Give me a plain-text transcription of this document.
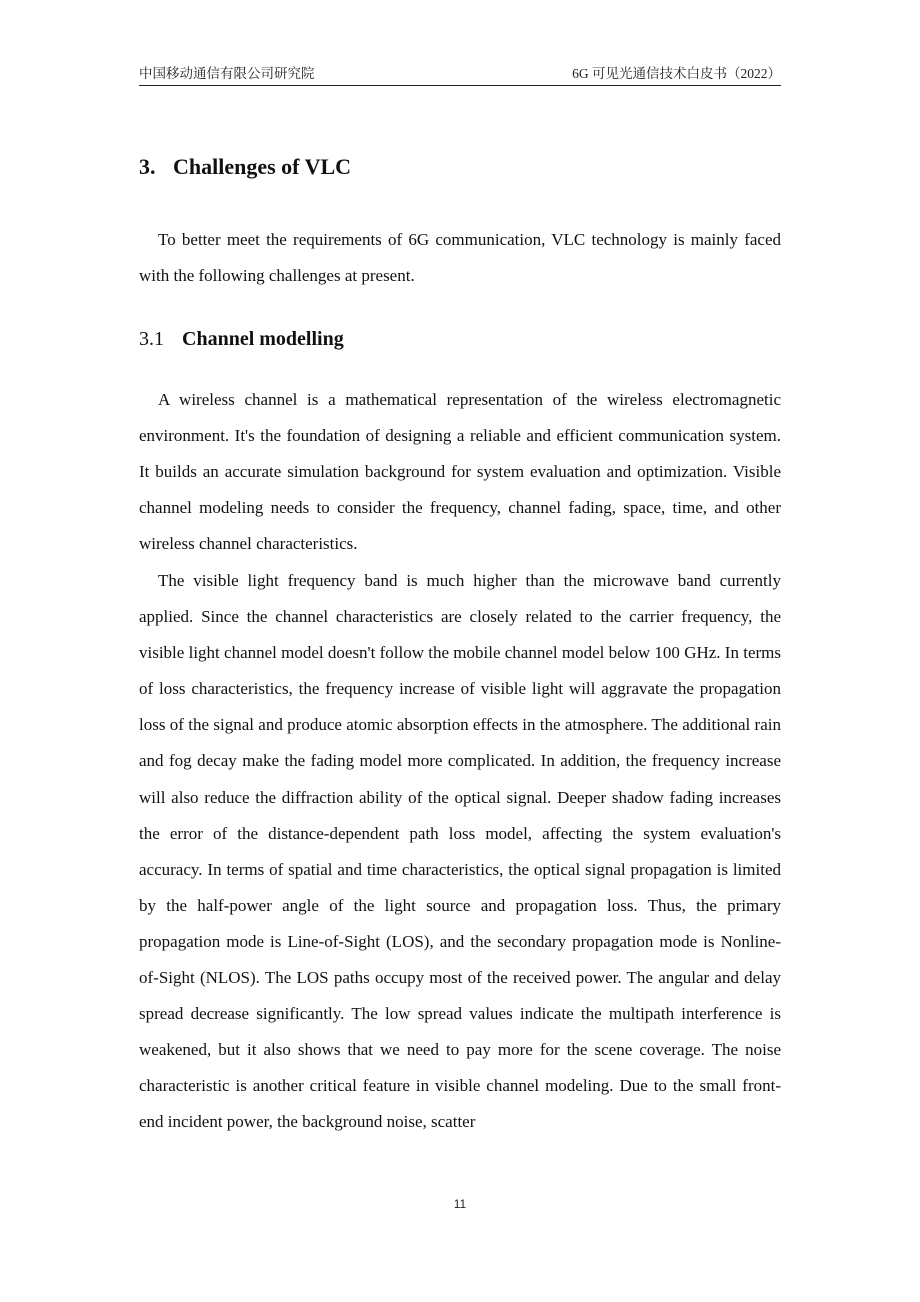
中国移动通信有限公司研究院	6G 可见光通信技术白皮书（2022）
3. Challenges of VLC

To better meet the requirements of 6G communication, VLC technology is mainly faced with the following challenges at present.

3.1 Channel modelling

A wireless channel is a mathematical representation of the wireless electromagnetic environment. It's the foundation of designing a reliable and efficient communication system. It builds an accurate simulation background for system evaluation and optimization. Visible channel modeling needs to consider the frequency, channel fading, space, time, and other wireless channel characteristics.

The visible light frequency band is much higher than the microwave band currently applied. Since the channel characteristics are closely related to the carrier frequency, the visible light channel model doesn't follow the mobile channel model below 100 GHz. In terms of loss characteristics, the frequency increase of visible light will aggravate the propagation loss of the signal and produce atomic absorption effects in the atmosphere. The additional rain and fog decay make the fading model more complicated. In addition, the frequency increase will also reduce the diffraction ability of the optical signal. Deeper shadow fading increases the error of the distance-dependent path loss model, affecting the system evaluation's accuracy. In terms of spatial and time characteristics, the optical signal propagation is limited by the half-power angle of the light source and propagation loss. Thus, the primary propagation mode is Line-of-Sight (LOS), and the secondary propagation mode is Nonline-of-Sight (NLOS). The LOS paths occupy most of the received power. The angular and delay spread decrease significantly. The low spread values indicate the multipath interference is weakened, but it also shows that we need to pay more for the scene coverage. The noise characteristic is another critical feature in visible channel modeling. Due to the small front-end incident power, the background noise, scatter

11
